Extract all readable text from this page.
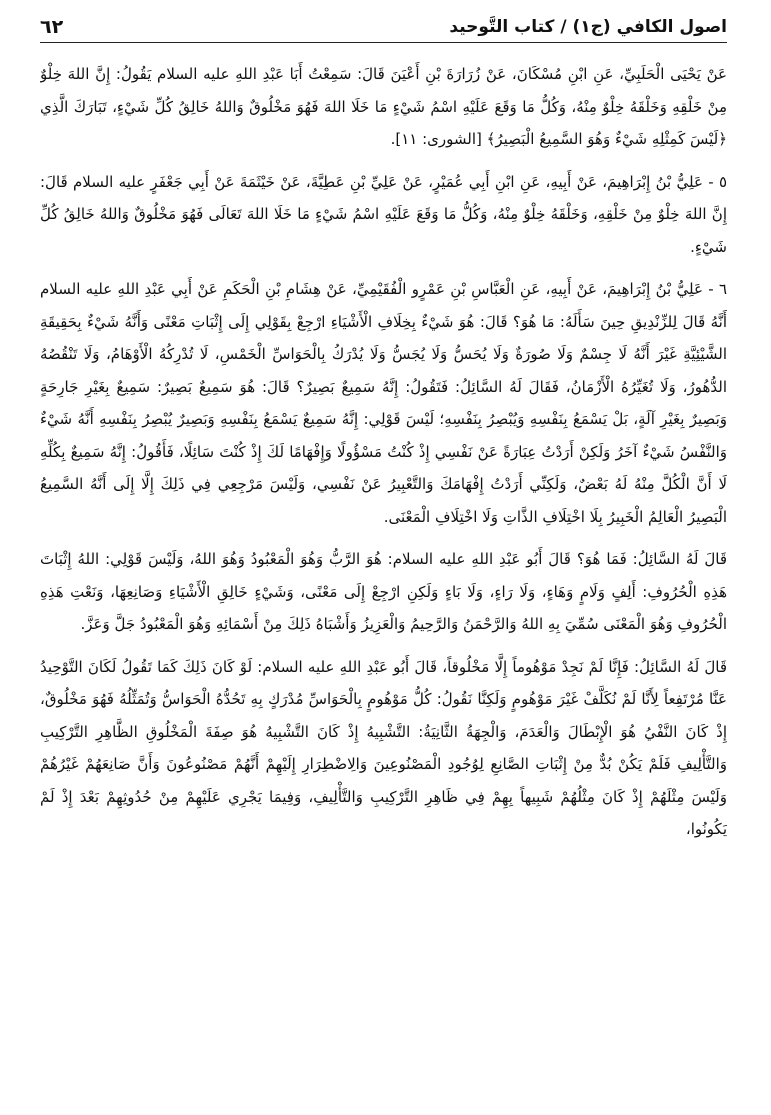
اصول الكافي (ج١) / كتاب التَّوحيد
٦٢

عَنْ يَحْيَى الْحَلَبِيِّ، عَنِ ابْنِ مُسْكَانَ، عَنْ زُرَارَةَ بْنِ أَعْيَنَ قَالَ: سَمِعْتُ أَبَا عَبْدِ اللهِ عليه السلام يَقُولُ: إِنَّ اللهَ خِلْوٌ مِنْ خَلْقِهِ وَخَلْقَهُ خِلْوٌ مِنْهُ، وَكُلُّ مَا وَقَعَ عَلَيْهِ اسْمُ شَيْءٍ مَا خَلَا اللهَ فَهُوَ مَخْلُوقٌ وَاللهُ خَالِقُ كُلِّ شَيْءٍ، تَبَارَكَ الَّذِي ﴿لَيْسَ كَمِثْلِهِ شَيْءٌ وَهُوَ السَّمِيعُ الْبَصِيرُ﴾ [الشورى: ١١].

٥ - عَلِيُّ بْنُ إِبْرَاهِيمَ، عَنْ أَبِيهِ، عَنِ ابْنِ أَبِي عُمَيْرٍ، عَنْ عَلِيِّ بْنِ عَطِيَّةَ، عَنْ خَيْثَمَةَ عَنْ أَبِي جَعْفَرٍ عليه السلام قَالَ: إِنَّ اللهَ خِلْوٌ مِنْ خَلْقِهِ، وَخَلْقَهُ خِلْوٌ مِنْهُ، وَكُلُّ مَا وَقَعَ عَلَيْهِ اسْمُ شَيْءٍ مَا خَلَا اللهَ تَعَالَى فَهُوَ مَخْلُوقٌ وَاللهُ خَالِقُ كُلِّ شَيْءٍ.

٦ - عَلِيُّ بْنُ إِبْرَاهِيمَ، عَنْ أَبِيهِ، عَنِ الْعَبَّاسِ بْنِ عَمْرٍو الْفُقَيْمِيِّ، عَنْ هِشَامِ بْنِ الْحَكَمِ عَنْ أَبِي عَبْدِ اللهِ عليه السلام أَنَّهُ قَالَ لِلزِّنْدِيقِ حِينَ سَأَلَهُ: مَا هُوَ؟ قَالَ: هُوَ شَيْءٌ بِخِلَافِ الْأَشْيَاءِ ارْجِعْ بِقَوْلِي إِلَى إِثْبَاتِ مَعْنًى وَأَنَّهُ شَيْءٌ بِحَقِيقَةِ الشَّيْئِيَّةِ غَيْرَ أَنَّهُ لَا جِسْمٌ وَلَا صُورَةٌ وَلَا يُحَسُّ وَلَا يُجَسُّ وَلَا يُدْرَكُ بِالْحَوَاسِّ الْخَمْسِ، لَا تُدْرِكُهُ الْأَوْهَامُ، وَلَا تَنْقُصُهُ الدُّهُورُ، وَلَا تُغَيِّرُهُ الْأَزْمَانُ، فَقَالَ لَهُ السَّائِلُ: فَتَقُولُ: إِنَّهُ سَمِيعٌ بَصِيرٌ؟ قَالَ: هُوَ سَمِيعٌ بَصِيرٌ: سَمِيعٌ بِغَيْرِ جَارِحَةٍ وَبَصِيرٌ بِغَيْرِ آلَةٍ، بَلْ يَسْمَعُ بِنَفْسِهِ وَيُبْصِرُ بِنَفْسِهِ؛ لَيْسَ قَوْلِي: إِنَّهُ سَمِيعٌ يَسْمَعُ بِنَفْسِهِ وَبَصِيرٌ يُبْصِرُ بِنَفْسِهِ أَنَّهُ شَيْءٌ وَالنَّفْسُ شَيْءٌ آخَرُ وَلَكِنْ أَرَدْتُ عِبَارَةً عَنْ نَفْسِي إِذْ كُنْتُ مَسْؤُولًا وَإِفْهَامًا لَكَ إِذْ كُنْتَ سَائِلًا، فَأَقُولُ: إِنَّهُ سَمِيعٌ بِكُلِّهِ لَا أَنَّ الْكُلَّ مِنْهُ لَهُ بَعْضٌ، وَلَكِنِّي أَرَدْتُ إِفْهَامَكَ وَالتَّعْبِيرُ عَنْ نَفْسِي، وَلَيْسَ مَرْجِعِي فِي ذَلِكَ إِلَّا إِلَى أَنَّهُ السَّمِيعُ الْبَصِيرُ الْعَالِمُ الْخَبِيرُ بِلَا اخْتِلَافِ الذَّاتِ وَلَا اخْتِلَافِ الْمَعْنَى.

قَالَ لَهُ السَّائِلُ: فَمَا هُوَ؟ قَالَ أَبُو عَبْدِ اللهِ عليه السلام: هُوَ الرَّبُّ وَهُوَ الْمَعْبُودُ وَهُوَ اللهُ، وَلَيْسَ قَوْلِي: اللهُ إِثْبَاتَ هَذِهِ الْحُرُوفِ: أَلِفٍ وَلَامٍ وَهَاءٍ، وَلَا رَاءٍ، وَلَا بَاءٍ وَلَكِنِ ارْجِعْ إِلَى مَعْنًى، وَشَيْءٍ خَالِقِ الْأَشْيَاءِ وَصَانِعِهَا، وَنَعْتِ هَذِهِ الْحُرُوفِ وَهُوَ الْمَعْنَى سُمِّيَ بِهِ اللهُ وَالرَّحْمَنُ وَالرَّحِيمُ وَالْعَزِيزُ وَأَشْبَاهُ ذَلِكَ مِنْ أَسْمَائِهِ وَهُوَ الْمَعْبُودُ جَلَّ وَعَزَّ.

قَالَ لَهُ السَّائِلُ: فَإِنَّا لَمْ نَجِدْ مَوْهُوماً إِلَّا مَخْلُوقاً، قَالَ أَبُو عَبْدِ اللهِ عليه السلام: لَوْ كَانَ ذَلِكَ كَمَا تَقُولُ لَكَانَ التَّوْحِيدُ عَنَّا مُرْتَفِعاً لِأَنَّا لَمْ نُكَلَّفْ غَيْرَ مَوْهُومٍ وَلَكِنَّا نَقُولُ: كُلُّ مَوْهُومٍ بِالْحَوَاسِّ مُدْرَكٍ بِهِ تَحُدُّهُ الْحَوَاسُّ وَتُمَثِّلُهُ فَهُوَ مَخْلُوقٌ، إِذْ كَانَ النَّفْيُ هُوَ الْإِبْطَالَ وَالْعَدَمَ، وَالْجِهَةُ الثَّانِيَةُ: التَّشْبِيهُ إِذْ كَانَ التَّشْبِيهُ هُوَ صِفَةَ الْمَخْلُوقِ الظَّاهِرِ التَّرْكِيبِ وَالتَّأْلِيفِ فَلَمْ يَكُنْ بُدٌّ مِنْ إِثْبَاتِ الصَّانِعِ لِوُجُودِ الْمَصْنُوعِينَ وَالِاضْطِرَارِ إِلَيْهِمْ أَنَّهُمْ مَصْنُوعُونَ وَأَنَّ صَانِعَهُمْ غَيْرُهُمْ وَلَيْسَ مِثْلَهُمْ إِذْ كَانَ مِثْلُهُمْ شَبِيهاً بِهِمْ فِي ظَاهِرِ التَّرْكِيبِ وَالتَّأْلِيفِ، وَفِيمَا يَجْرِي عَلَيْهِمْ مِنْ حُدُوثِهِمْ بَعْدَ إِذْ لَمْ يَكُونُوا،
